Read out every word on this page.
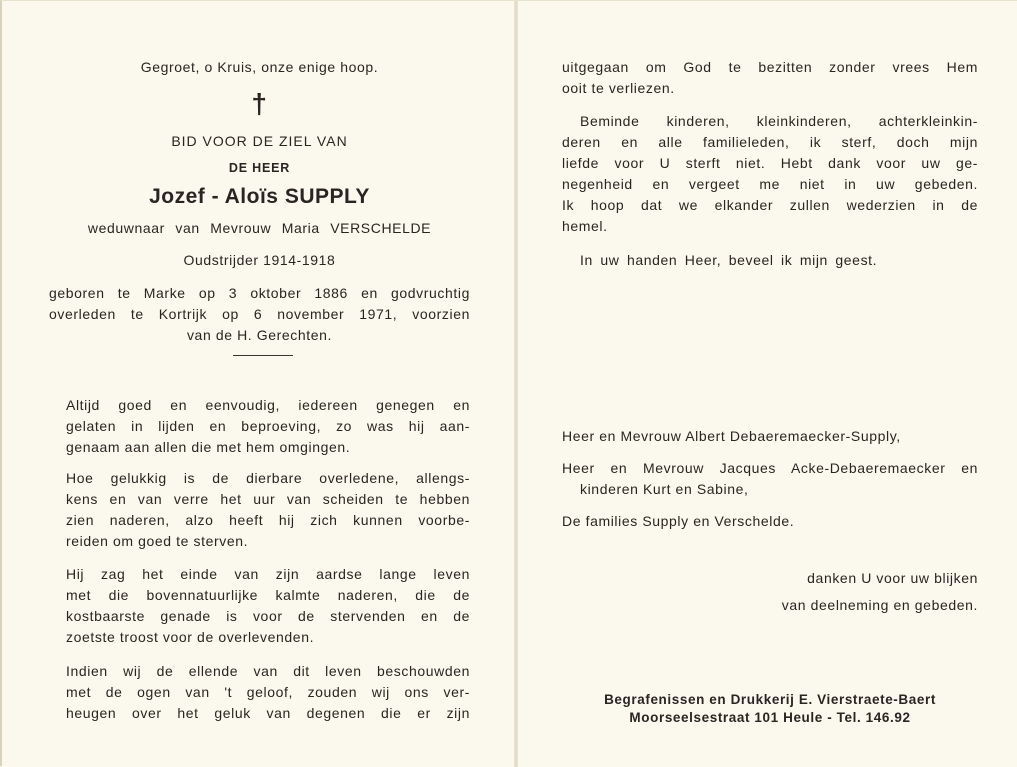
Gegroet, o Kruis, onze enige hoop.

†

BID VOOR DE ZIEL VAN

DE HEER

Jozef - Aloïs SUPPLY

weduwnaar van Mevrouw Maria VERSCHELDE

Oudstrijder 1914-1918

geboren te Marke op 3 oktober 1886 en godvruchtig

overleden te Kortrijk op 6 november 1971, voorzien

van de H. Gerechten.

Altijd goed en eenvoudig, iedereen genegen en

gelaten in lijden en beproeving, zo was hij aan-

genaam aan allen die met hem omgingen.

Hoe gelukkig is de dierbare overledene, allengs-

kens en van verre het uur van scheiden te hebben

zien naderen, alzo heeft hij zich kunnen voorbe-

reiden om goed te sterven.

Hij zag het einde van zijn aardse lange leven

met die bovennatuurlijke kalmte naderen, die de

kostbaarste genade is voor de stervenden en de

zoetste troost voor de overlevenden.

Indien wij de ellende van dit leven beschouwden

met de ogen van 't geloof, zouden wij ons ver-

heugen over het geluk van degenen die er zijn

uitgegaan om God te bezitten zonder vrees Hem

ooit te verliezen.

Beminde kinderen, kleinkinderen, achterkleinkin-

deren en alle familieleden, ik sterf, doch mijn

liefde voor U sterft niet. Hebt dank voor uw ge-

negenheid en vergeet me niet in uw gebeden.

Ik hoop dat we elkander zullen wederzien in de

hemel.

In uw handen Heer, beveel ik mijn geest.

Heer en Mevrouw Albert Debaeremaecker-Supply,

Heer en Mevrouw Jacques Acke-Debaeremaecker en

kinderen Kurt en Sabine,

De families Supply en Verschelde.

danken U voor uw blijken

van deelneming en gebeden.

Begrafenissen en Drukkerij E. Vierstraete-Baert

Moorseelsestraat 101 Heule - Tel. 146.92
